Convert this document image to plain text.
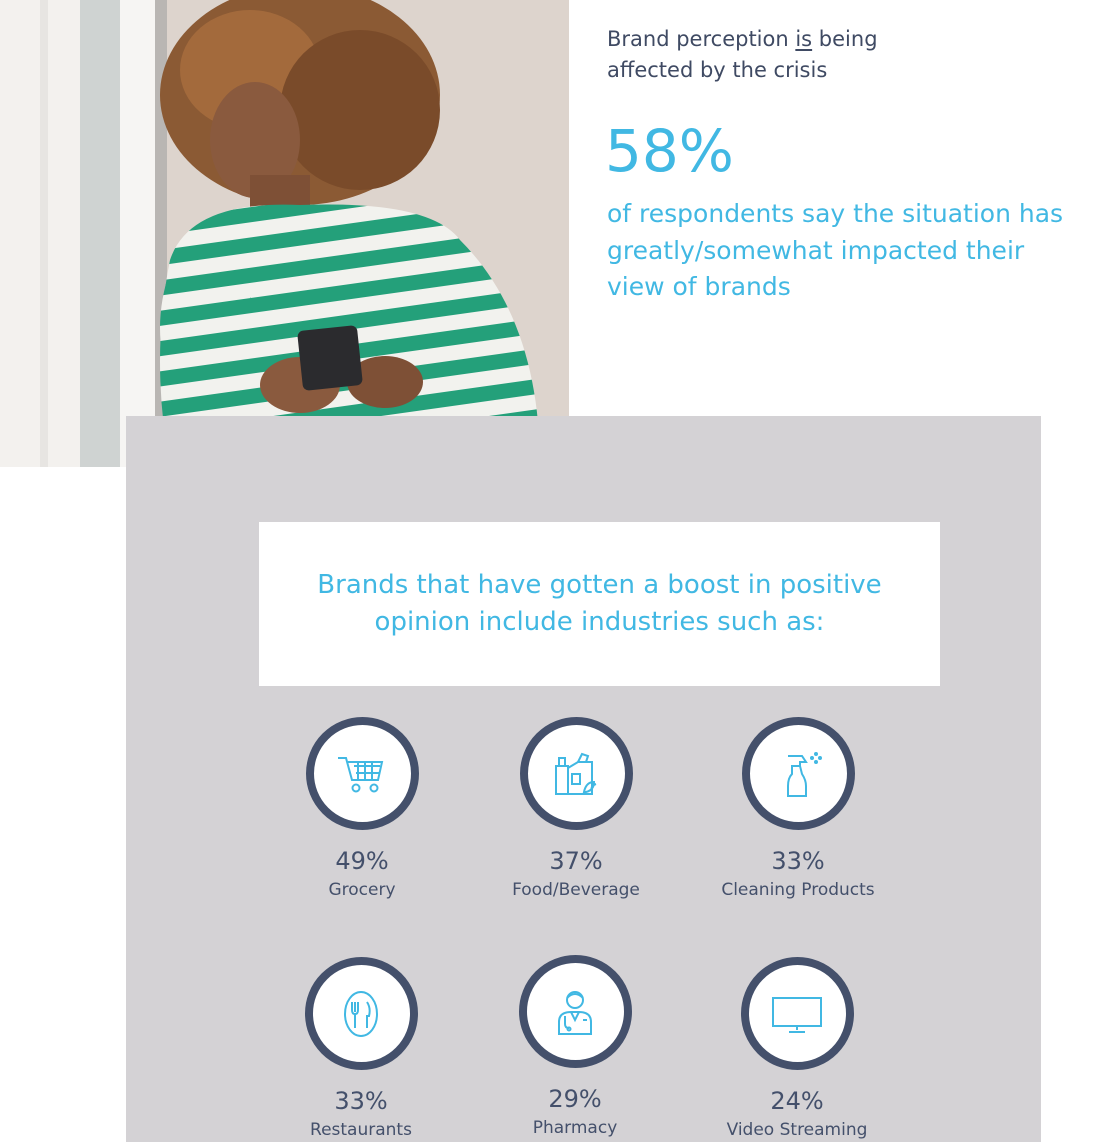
Brand perception is being
affected by the crisis
58%
of respondents say the situation has greatly/somewhat impacted their view of brands
Brands that have gotten a boost in positive opinion include industries such as:
49%
Grocery
37%
Food/Beverage
33%
Cleaning Products
33%
Restaurants
29%
Pharmacy
24%
Video Streaming
